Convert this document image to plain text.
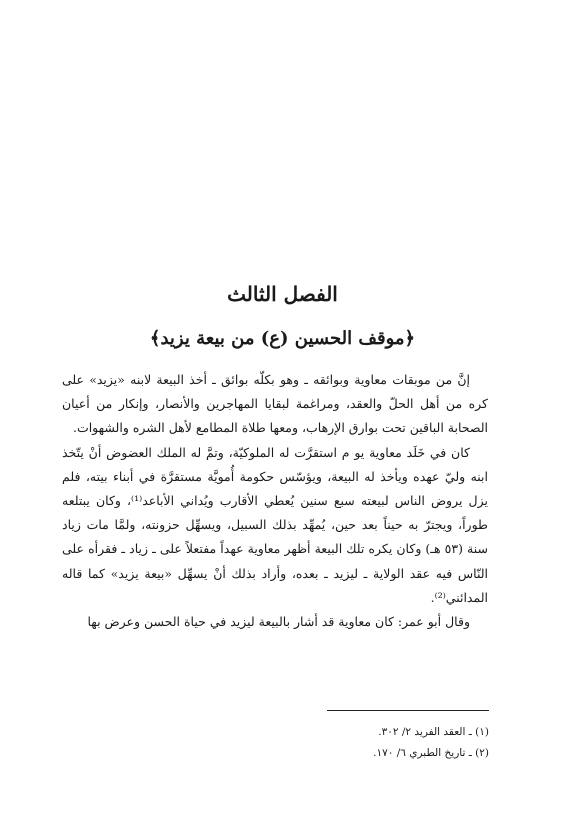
الفصل الثالث
﴿موقف الحسين (ع) من بيعة يزيد﴾

إنَّ من موبقات معاوية وبوائقه ـ وهو بكلّه بوائق ـ أخذ البيعة لابنه «يزيد» على كره من أهل الحلّ والعقد، ومراغمة لبقايا المهاجرين والأنصار، وإنكار من أعيان الصحابة الباقين تحت بوارق الإرهاب، ومعها طلاة المطامع لأهل الشره والشهوات.

كان في خَلَد معاوية يو م استقرَّت له الملوكيّة، وتمَّ له الملك العضوض أنْ يتّخذ ابنه وليّ عهده ويأخذ له البيعة، ويؤسّس حكومة أُمويَّة مستقرَّة في أبناء بيته، فلم يزل يروض الناس لبيعته سبع سنين يُعطي الأقارب ويُداني الأباعد⁽¹⁾، وكان يبتلعه طوراً، ويجترّ به حيناً بعد حين، يُمهِّد بذلك السبيل، ويسهِّل حزونته، ولمَّا مات زياد سنة (٥٣ هـ) وكان يكره تلك البيعة أظهر معاوية عهداً مفتعلاً على ـ زياد ـ فقرأه على النّاس فيه عقد الولاية ـ ليزيد ـ بعده، وأراد بذلك أنْ يسهِّل «بيعة يزيد» كما قاله المدائني⁽²⁾.

وقال أبو عمر: كان معاوية قد أشار بالبيعة ليزيد في حياة الحسن وعرض بها

(١) ـ العقد الفريد ٢/ ٣٠٢.

(٢) ـ تاريخ الطبري ٦/ ١٧٠.
